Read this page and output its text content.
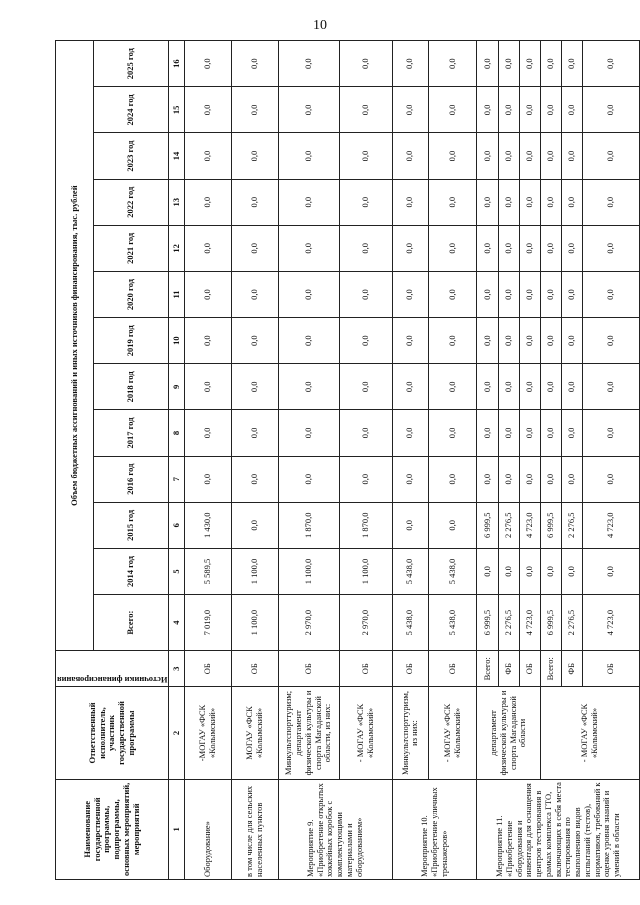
10
Наименование государственной программы, подпрограммы, основных мероприятий, мероприятий	Ответственный исполнитель, участник государственной программы	Источники финансирования	Объем бюджетных ассигнований и иных источников финансирования, тыс. рублей												
			Всего:	2014 год	2015 год	2016 год	2017 год	2018 год	2019 год	2020 год	2021 год	2022 год	2023 год	2024 год	2025 год
1	2	3	4	5	6	7	8	9	10	11	12	13	14	15	16
Оборудование»	-МОГАУ «ФСК «Колымский»	ОБ	7 019,0	5 589,5	1 430,0	0,0	0,0	0,0	0,0	0,0	0,0	0,0	0,0	0,0	0,0
в том числе для сельских населенных пунктов	МОГАУ «ФСК «Колымский»	ОБ	1 100,0	1 100,0	0,0	0,0	0,0	0,0	0,0	0,0	0,0	0,0	0,0	0,0	0,0
Мероприятие 9. «Приобретение открытых хоккейных коробок с комплектующими материалами и оборудованием»	Минкультспорттуризм; департамент физической культуры и спорта Магаданской области, из них:	ОБ	2 970,0	1 100,0	1 870,0	0,0	0,0	0,0	0,0	0,0	0,0	0,0	0,0	0,0	0,0
	- МОГАУ «ФСК «Колымский»	ОБ	2 970,0	1 100,0	1 870,0	0,0	0,0	0,0	0,0	0,0	0,0	0,0	0,0	0,0	0,0
Мероприятие 10. «Приобретение уличных тренажеров»	Минкультспорттуризм, из них:	ОБ	5 438,0	5 438,0	0,0	0,0	0,0	0,0	0,0	0,0	0,0	0,0	0,0	0,0	0,0
	- МОГАУ «ФСК «Колымский»	ОБ	5 438,0	5 438,0	0,0	0,0	0,0	0,0	0,0	0,0	0,0	0,0	0,0	0,0	0,0
Мероприятие 11. «Приобретение оборудования и инвентаря для оснащения центров тестирования в рамках комплекса ГТО, включающих в себя места тестирования по выполнению видов испытаний (тестов), нормативов, требований к оценке уровня знаний и умений в области	департамент физической культуры и спорта Магаданской области	Всего:	6 999,5	0,0	6 999,5	0,0	0,0	0,0	0,0	0,0	0,0	0,0	0,0	0,0	0,0
		ФБ	2 276,5	0,0	2 276,5	0,0	0,0	0,0	0,0	0,0	0,0	0,0	0,0	0,0	0,0
		ОБ	4 723,0	0,0	4 723,0	0,0	0,0	0,0	0,0	0,0	0,0	0,0	0,0	0,0	0,0
	- МОГАУ «ФСК «Колымский»	Всего:	6 999,5	0,0	6 999,5	0,0	0,0	0,0	0,0	0,0	0,0	0,0	0,0	0,0	0,0
		ФБ	2 276,5	0,0	2 276,5	0,0	0,0	0,0	0,0	0,0	0,0	0,0	0,0	0,0	0,0
		ОБ	4 723,0	0,0	4 723,0	0,0	0,0	0,0	0,0	0,0	0,0	0,0	0,0	0,0	0,0
